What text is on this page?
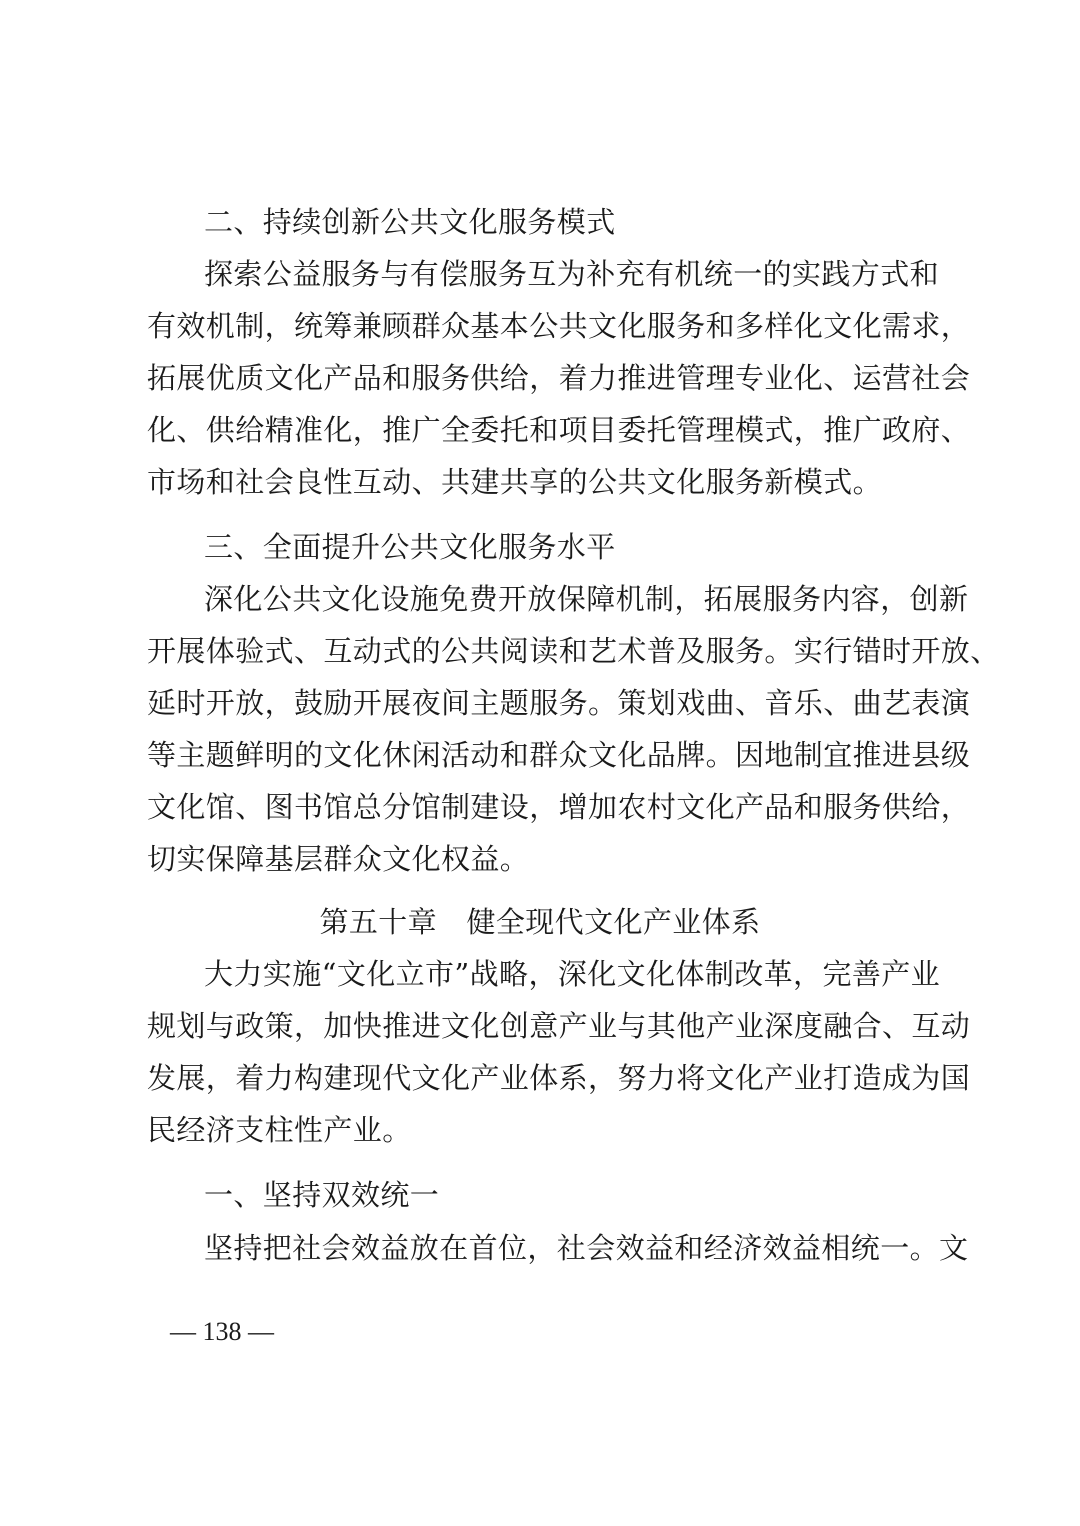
二、持续创新公共文化服务模式
探索公益服务与有偿服务互为补充有机统一的实践方式和
有效机制，统筹兼顾群众基本公共文化服务和多样化文化需求，
拓展优质文化产品和服务供给，着力推进管理专业化、运营社会
化、供给精准化，推广全委托和项目委托管理模式，推广政府、
市场和社会良性互动、共建共享的公共文化服务新模式。
三、全面提升公共文化服务水平
深化公共文化设施免费开放保障机制，拓展服务内容，创新
开展体验式、互动式的公共阅读和艺术普及服务。实行错时开放、
延时开放，鼓励开展夜间主题服务。策划戏曲、音乐、曲艺表演
等主题鲜明的文化休闲活动和群众文化品牌。因地制宜推进县级
文化馆、图书馆总分馆制建设，增加农村文化产品和服务供给，
切实保障基层群众文化权益。
第五十章　健全现代文化产业体系
大力实施“文化立市”战略，深化文化体制改革，完善产业
规划与政策，加快推进文化创意产业与其他产业深度融合、互动
发展，着力构建现代文化产业体系，努力将文化产业打造成为国
民经济支柱性产业。
一、坚持双效统一
坚持把社会效益放在首位，社会效益和经济效益相统一。文
— 138 —
